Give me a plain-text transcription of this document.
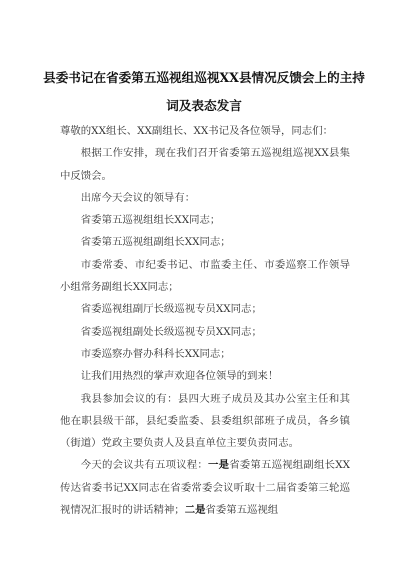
县委书记在省委第五巡视组巡视XX县情况反馈会上的主持
词及表态发言

尊敬的XX组长、XX副组长、XX书记及各位领导，同志们：

根据工作安排，现在我们召开省委第五巡视组巡视XX县集中反馈会。

出席今天会议的领导有：

省委第五巡视组组长XX同志；

省委第五巡视组副组长XX同志；

市委常委、市纪委书记、市监委主任、市委巡察工作领导小组常务副组长XX同志；

省委巡视组副厅长级巡视专员XX同志；

省委巡视组副处长级巡视专员XX同志；

市委巡察办督办科科长XX同志；

让我们用热烈的掌声欢迎各位领导的到来！

我县参加会议的有：县四大班子成员及其办公室主任和其他在职县级干部，县纪委监委、县委组织部班子成员，各乡镇（街道）党政主要负责人及县直单位主要负责同志。

今天的会议共有五项议程：一是省委第五巡视组副组长XX传达省委书记XX同志在省委常委会议听取十二届省委第三轮巡视情况汇报时的讲话精神；二是省委第五巡视组
